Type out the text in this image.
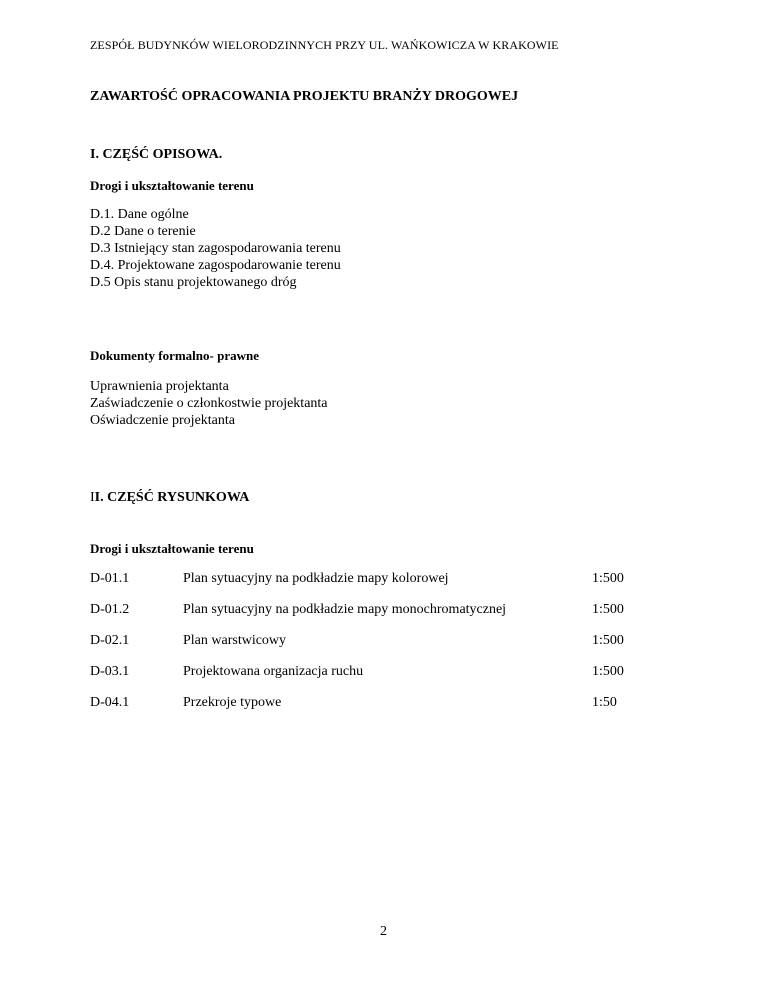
ZESPÓŁ BUDYNKÓW WIELORODZINNYCH PRZY UL. WAŃKOWICZA W KRAKOWIE
ZAWARTOŚĆ OPRACOWANIA PROJEKTU BRANŻY DROGOWEJ
I. CZĘŚĆ OPISOWA.
Drogi i ukształtowanie terenu
D.1. Dane ogólne
D.2 Dane o terenie
D.3 Istniejący stan zagospodarowania terenu
D.4. Projektowane zagospodarowanie terenu
D.5 Opis stanu projektowanego dróg
Dokumenty formalno- prawne
Uprawnienia projektanta
Zaświadczenie o członkostwie projektanta
Oświadczenie projektanta
II. CZĘŚĆ RYSUNKOWA
Drogi i ukształtowanie terenu
D-01.1	Plan sytuacyjny na podkładzie mapy kolorowej	1:500
D-01.2	Plan sytuacyjny na podkładzie mapy monochromatycznej	1:500
D-02.1	Plan warstwicowy	1:500
D-03.1	Projektowana organizacja ruchu	1:500
D-04.1	Przekroje typowe	1:50
2
